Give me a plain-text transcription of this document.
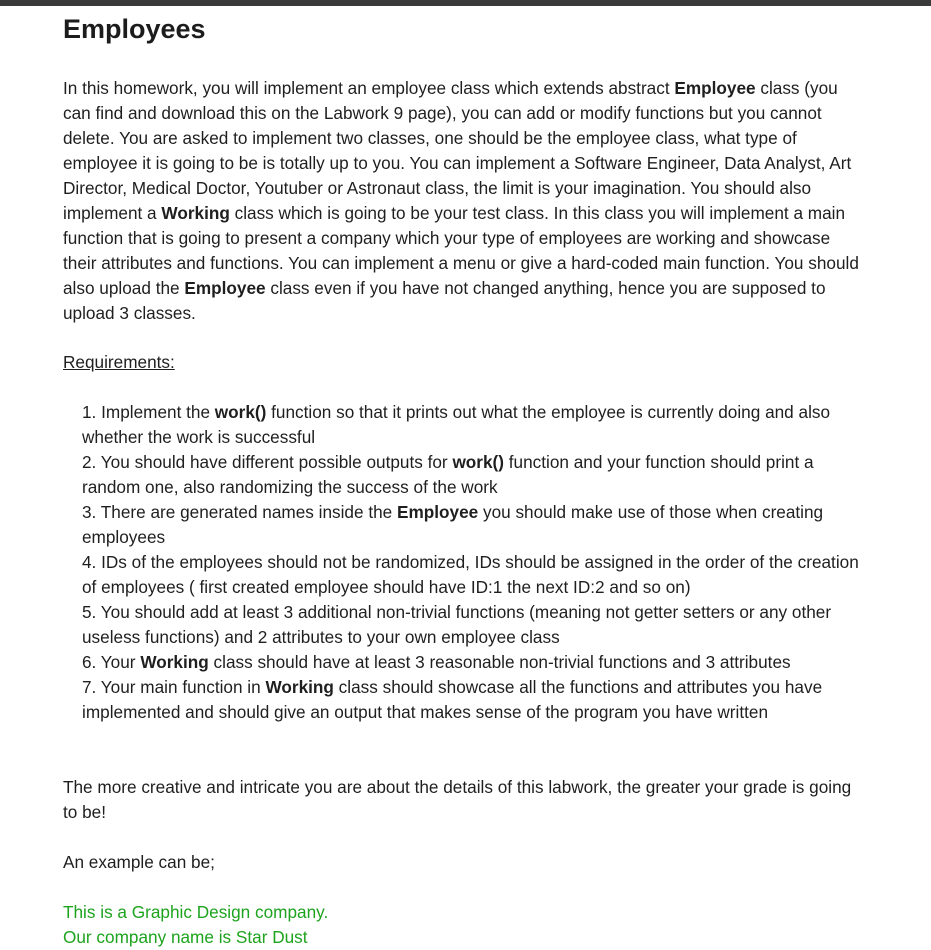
Employees

In this homework, you will implement an employee class which extends abstract Employee class (you can find and download this on the Labwork 9 page), you can add or modify functions but you cannot delete. You are asked to implement two classes, one should be the employee class, what type of employee it is going to be is totally up to you. You can implement a Software Engineer, Data Analyst, Art Director, Medical Doctor, Youtuber or Astronaut class, the limit is your imagination. You should also implement a Working class which is going to be your test class. In this class you will implement a main function that is going to present a company which your type of employees are working and showcase their attributes and functions. You can implement a menu or give a hard-coded main function. You should also upload the Employee class even if you have not changed anything, hence you are supposed to upload 3 classes.

Requirements:
1. Implement the work() function so that it prints out what the employee is currently doing and also whether the work is successful
2. You should have different possible outputs for work() function and your function should print a random one, also randomizing the success of the work
3. There are generated names inside the Employee you should make use of those when creating employees
4. IDs of the employees should not be randomized, IDs should be assigned in the order of the creation of employees ( first created employee should have ID:1 the next ID:2 and so on)
5. You should add at least 3 additional non-trivial functions (meaning not getter setters or any other useless functions) and 2 attributes to your own employee class
6. Your Working class should have at least 3 reasonable non-trivial functions and 3 attributes
7. Your main function in Working class should showcase all the functions and attributes you have implemented and should give an output that makes sense of the program you have written

The more creative and intricate you are about the details of this labwork, the greater your grade is going to be!

An example can be;

This is a Graphic Design company.
Our company name is Star Dust
